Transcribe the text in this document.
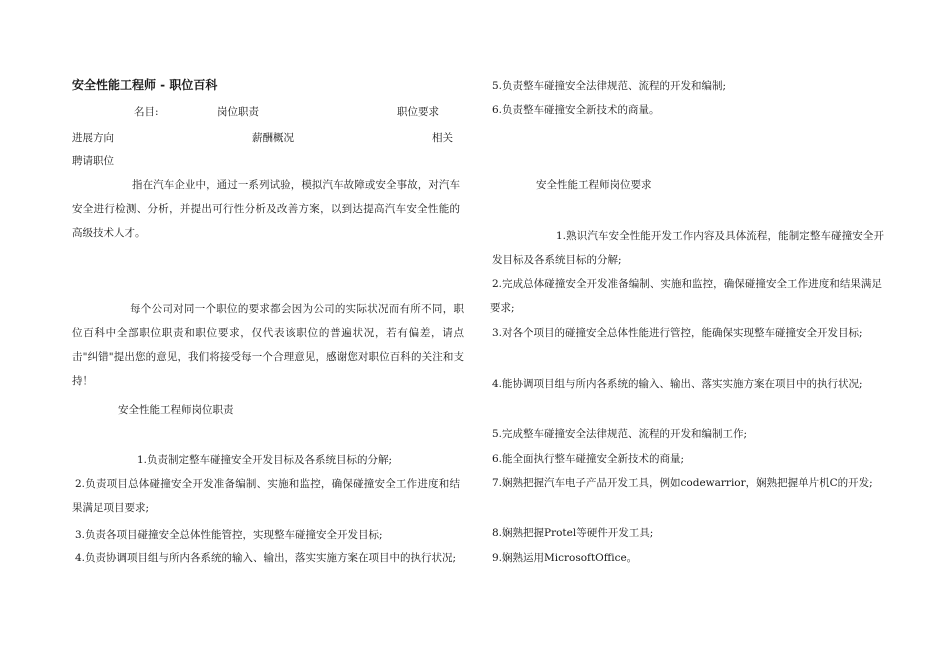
安全性能工程师 - 职位百科
名目:	岗位职责	职位要求
进展方向	薪酬概况	相关
聘请职位
指在汽车企业中，通过一系列试验，模拟汽车故障或安全事故，对汽车安全进行检测、分析，并提出可行性分析及改善方案，以到达提高汽车安全性能的高级技术人才。
每个公司对同一个职位的要求都会因为公司的实际状况而有所不同，职位百科中全部职位职责和职位要求，仅代表该职位的普遍状况，若有偏差，请点击"纠错"提出您的意见，我们将接受每一个合理意见，感谢您对职位百科的关注和支持！
安全性能工程师岗位职责
1.负责制定整车碰撞安全开发目标及各系统目标的分解;
2.负责项目总体碰撞安全开发准备编制、实施和监控，确保碰撞安全工作进度和结果满足项目要求;
3.负责各项目碰撞安全总体性能管控，实现整车碰撞安全开发目标;
4.负责协调项目组与所内各系统的输入、输出，落实实施方案在项目中的执行状况;
5.负责整车碰撞安全法律规范、流程的开发和编制;
6.负责整车碰撞安全新技术的商量。
安全性能工程师岗位要求
1.熟识汽车安全性能开发工作内容及具体流程，能制定整车碰撞安全开发目标及各系统目标的分解;
2.完成总体碰撞安全开发准备编制、实施和监控，确保碰撞安全工作进度和结果满足要求;
3.对各个项目的碰撞安全总体性能进行管控，能确保实现整车碰撞安全开发目标;
4.能协调项目组与所内各系统的输入、输出、落实实施方案在项目中的执行状况;
5.完成整车碰撞安全法律规范、流程的开发和编制工作;
6.能全面执行整车碰撞安全新技术的商量;
7.娴熟把握汽车电子产品开发工具，例如codewarrior，娴熟把握单片机C的开发;
8.娴熟把握Protel等硬件开发工具;
9.娴熟运用MicrosoftOffice。
